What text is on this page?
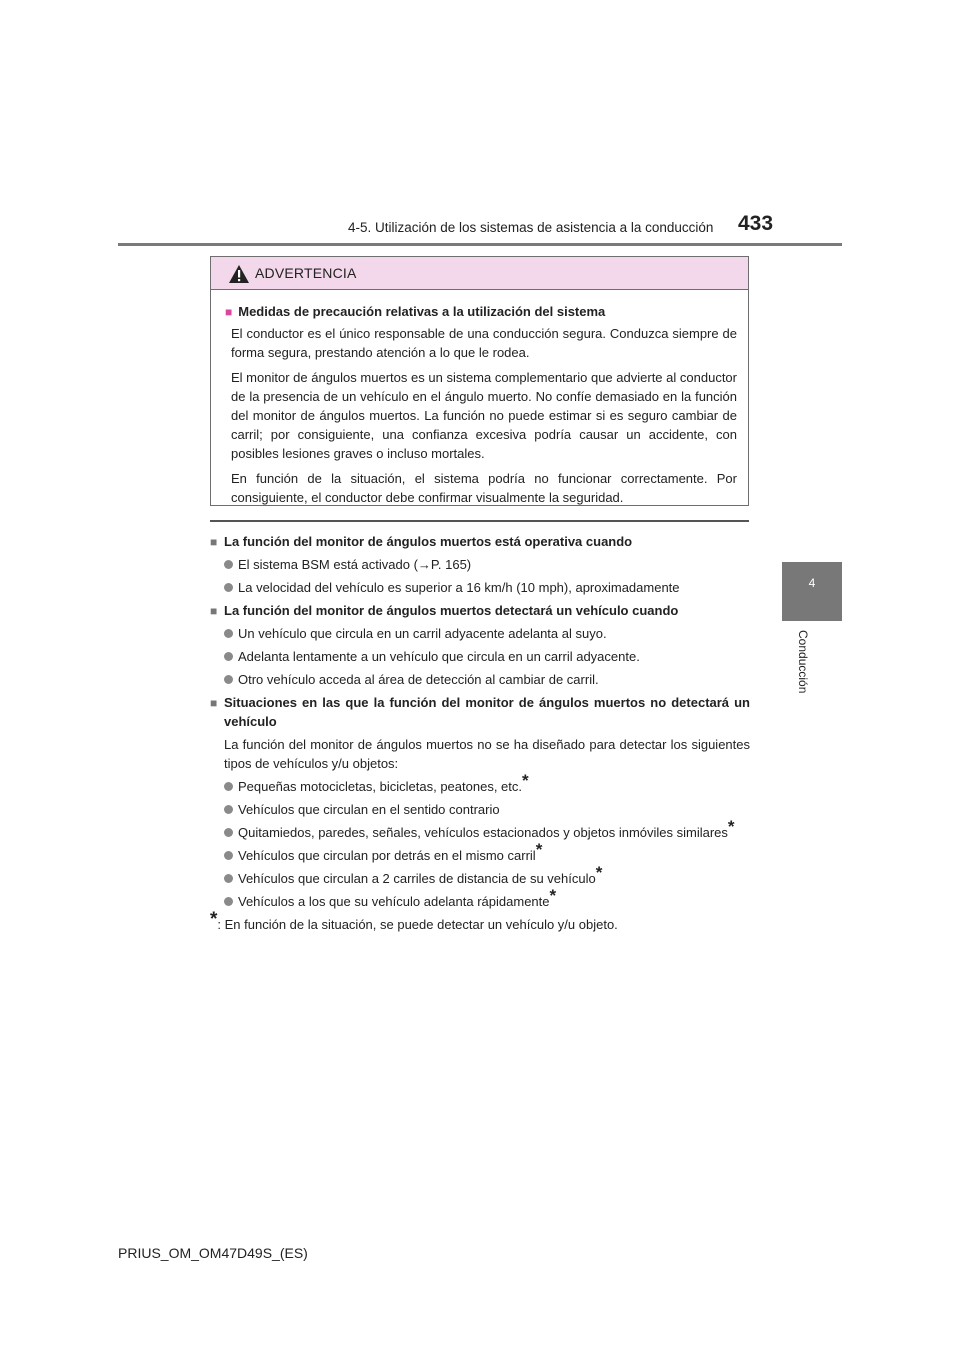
4-5. Utilización de los sistemas de asistencia a la conducción 433
4
Conducción
ADVERTENCIA
■ Medidas de precaución relativas a la utilización del sistema

El conductor es el único responsable de una conducción segura. Conduzca siempre de forma segura, prestando atención a lo que le rodea.

El monitor de ángulos muertos es un sistema complementario que advierte al conductor de la presencia de un vehículo en el ángulo muerto. No confíe demasiado en la función del monitor de ángulos muertos. La función no puede estimar si es seguro cambiar de carril; por consiguiente, una confianza excesiva podría causar un accidente, con posibles lesiones graves o incluso mortales.

En función de la situación, el sistema podría no funcionar correctamente. Por consiguiente, el conductor debe confirmar visualmente la seguridad.

■ La función del monitor de ángulos muertos está operativa cuando
El sistema BSM está activado (→P. 165)
La velocidad del vehículo es superior a 16 km/h (10 mph), aproximadamente
■ La función del monitor de ángulos muertos detectará un vehículo cuando
Un vehículo que circula en un carril adyacente adelanta al suyo.
Adelanta lentamente a un vehículo que circula en un carril adyacente.
Otro vehículo acceda al área de detección al cambiar de carril.
■ Situaciones en las que la función del monitor de ángulos muertos no detectará un vehículo
La función del monitor de ángulos muertos no se ha diseñado para detectar los siguientes tipos de vehículos y/u objetos:
Pequeñas motocicletas, bicicletas, peatones, etc.*
Vehículos que circulan en el sentido contrario
Quitamiedos, paredes, señales, vehículos estacionados y objetos inmóviles similares*
Vehículos que circulan por detrás en el mismo carril*
Vehículos que circulan a 2 carriles de distancia de su vehículo*
Vehículos a los que su vehículo adelanta rápidamente*
*: En función de la situación, se puede detectar un vehículo y/u objeto.
PRIUS_OM_OM47D49S_(ES)
